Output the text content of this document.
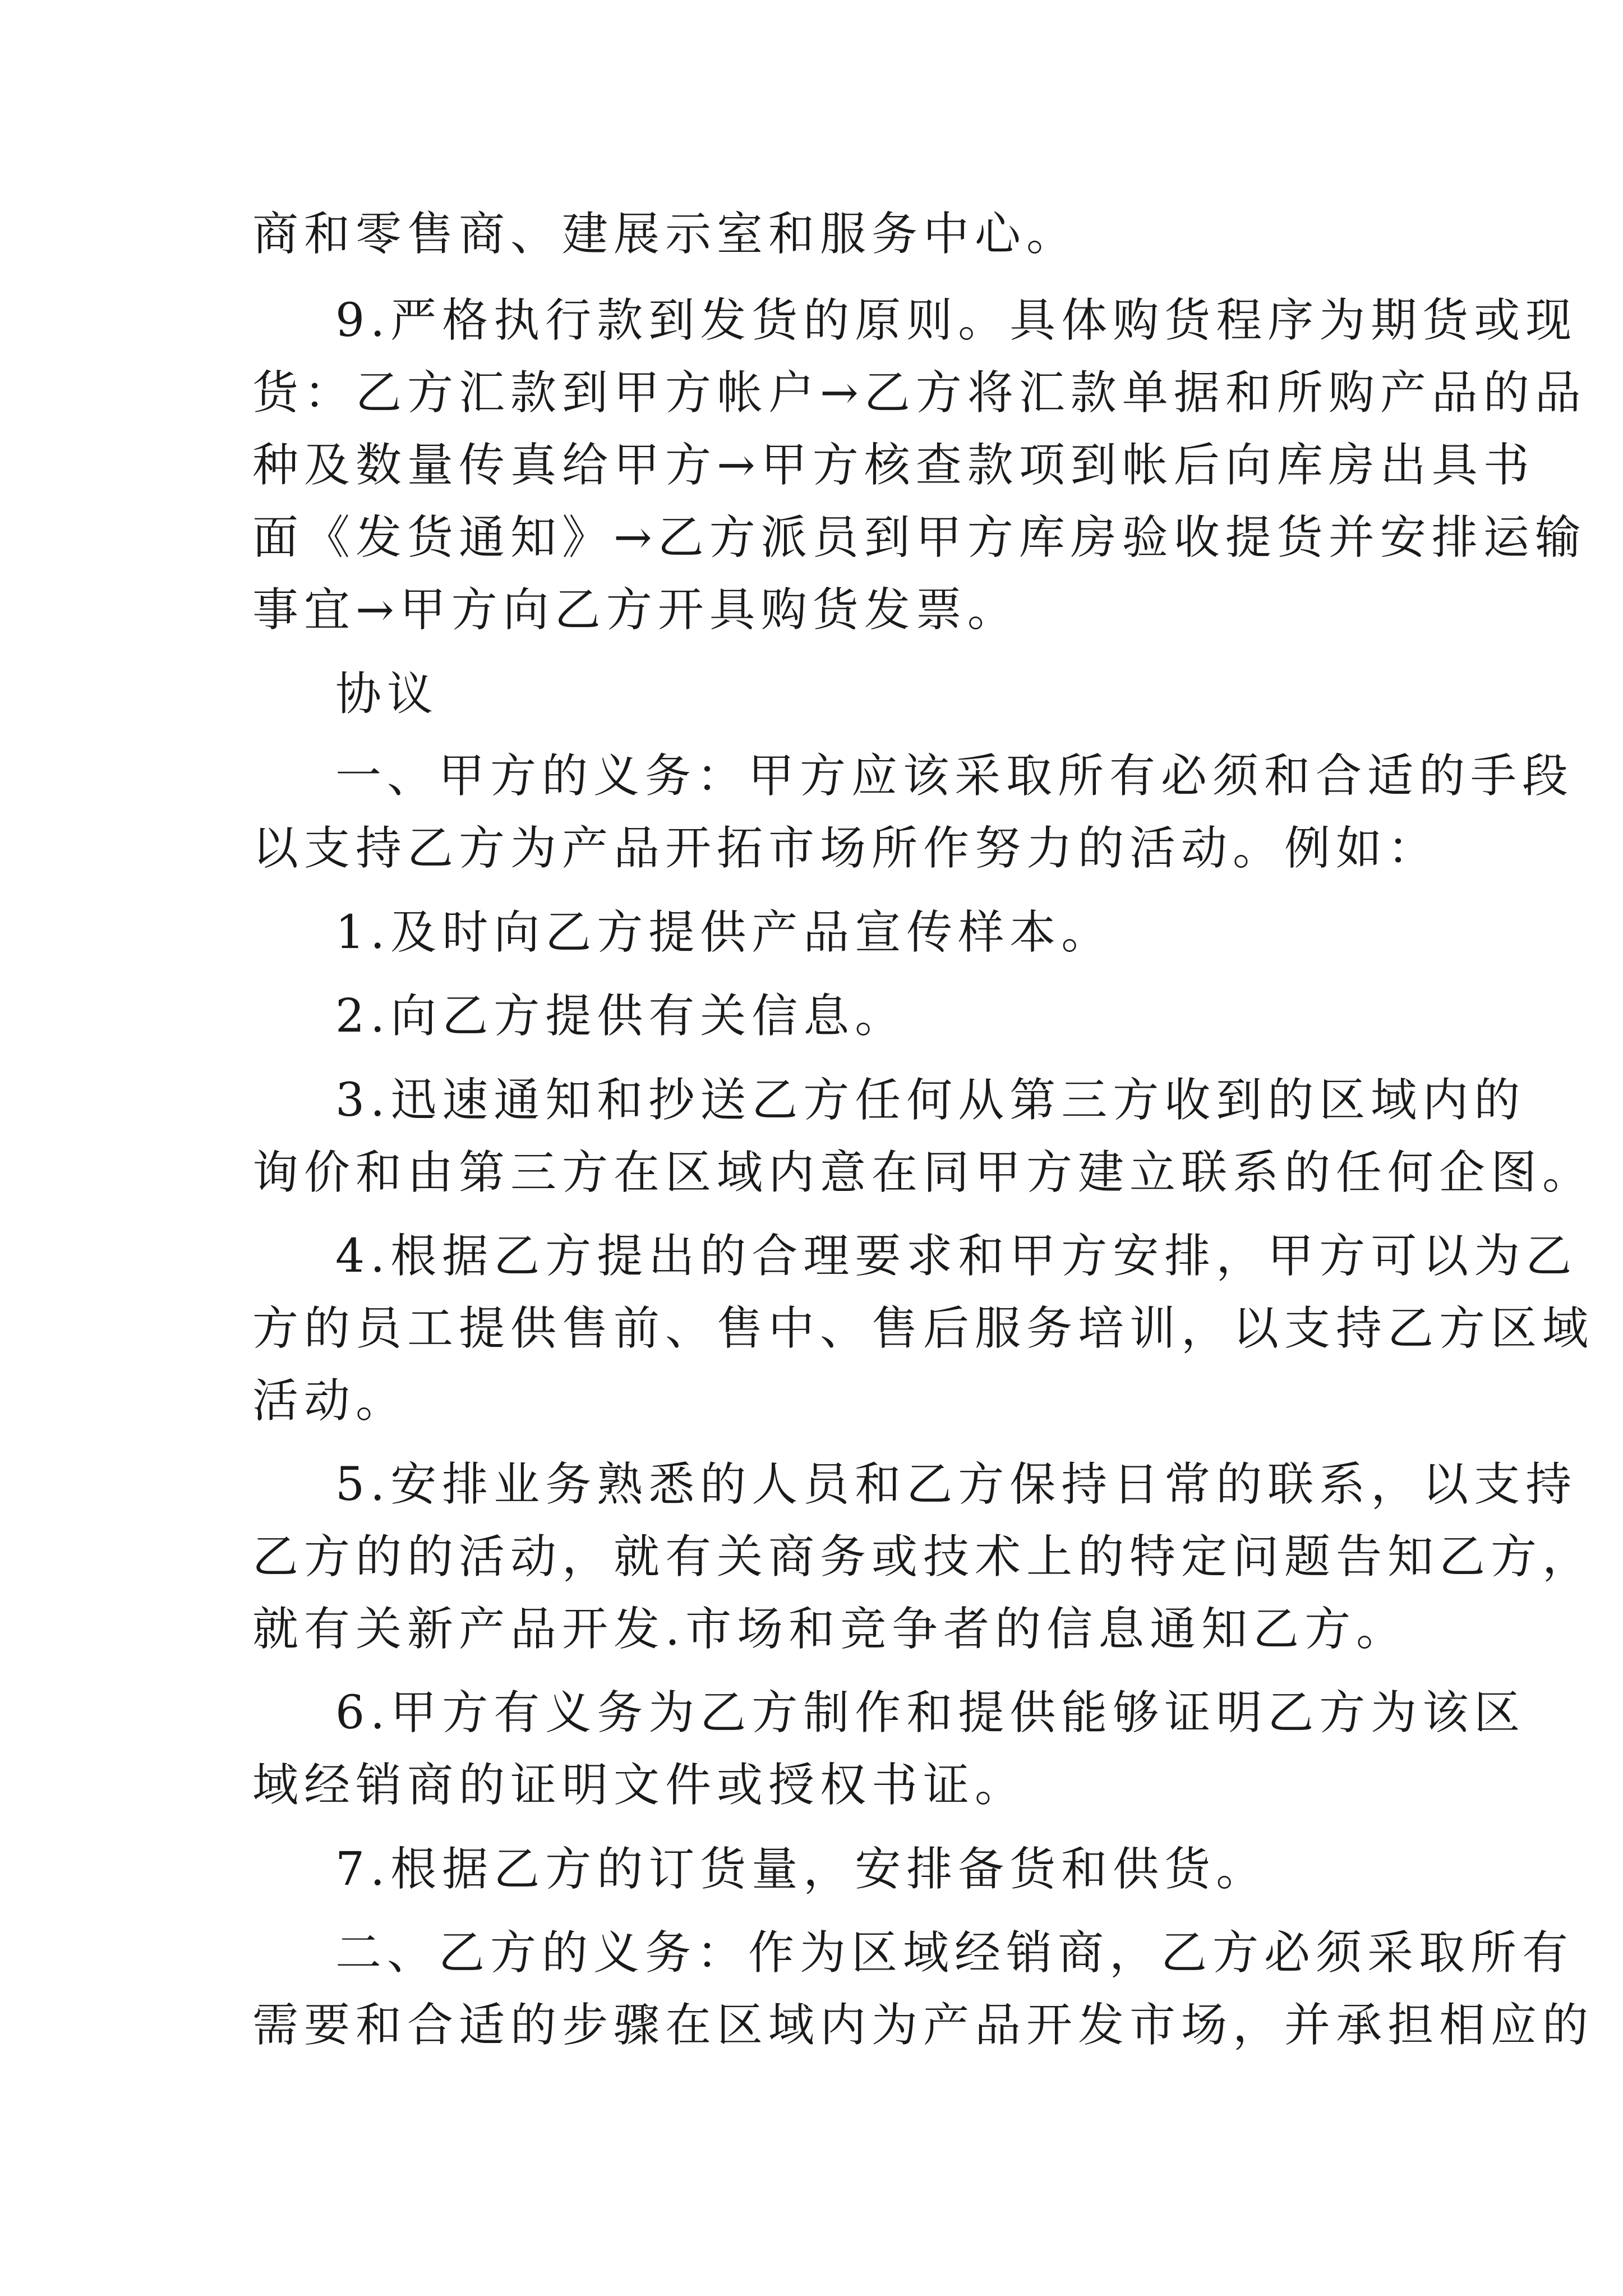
商和零售商、建展示室和服务中心。
9.严格执行款到发货的原则。具体购货程序为期货或现
货：乙方汇款到甲方帐户→乙方将汇款单据和所购产品的品
种及数量传真给甲方→甲方核查款项到帐后向库房出具书
面《发货通知》→乙方派员到甲方库房验收提货并安排运输
事宜→甲方向乙方开具购货发票。
协议
一、甲方的义务：甲方应该采取所有必须和合适的手段
以支持乙方为产品开拓市场所作努力的活动。例如：
1.及时向乙方提供产品宣传样本。
2.向乙方提供有关信息。
3.迅速通知和抄送乙方任何从第三方收到的区域内的
询价和由第三方在区域内意在同甲方建立联系的任何企图。
4.根据乙方提出的合理要求和甲方安排，甲方可以为乙
方的员工提供售前、售中、售后服务培训，以支持乙方区域
活动。
5.安排业务熟悉的人员和乙方保持日常的联系，以支持
乙方的的活动，就有关商务或技术上的特定问题告知乙方，
就有关新产品开发.市场和竞争者的信息通知乙方。
6.甲方有义务为乙方制作和提供能够证明乙方为该区
域经销商的证明文件或授权书证。
7.根据乙方的订货量，安排备货和供货。
二、乙方的义务：作为区域经销商，乙方必须采取所有
需要和合适的步骤在区域内为产品开发市场，并承担相应的
